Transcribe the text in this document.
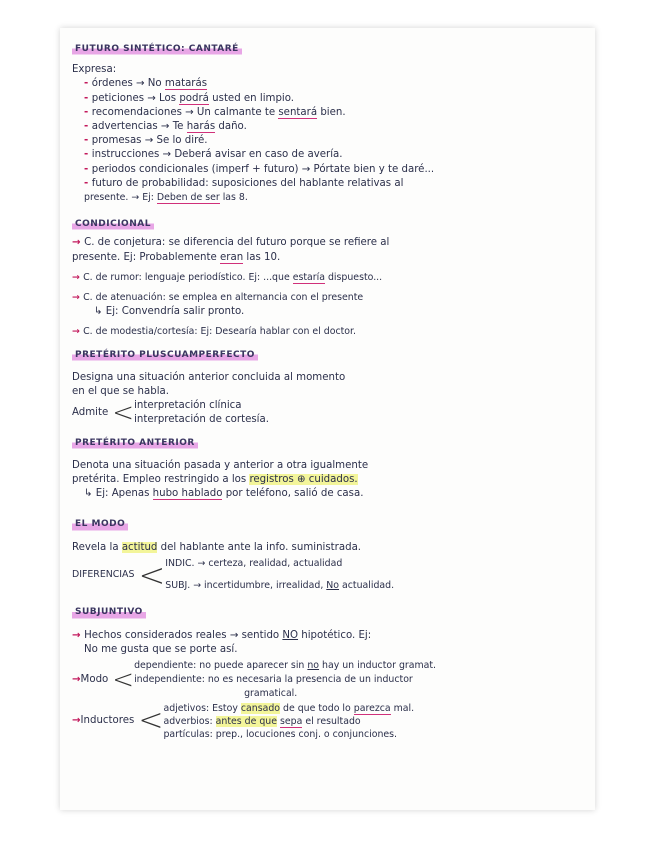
FUTURO SINTÉTICO: CANTARÉ
Expresa:
- órdenes → No matarás
- peticiones → Los podrá usted en limpio.
- recomendaciones → Un calmante te sentará bien.
- advertencias → Te harás daño.
- promesas → Se lo diré.
- instrucciones → Deberá avisar en caso de avería.
- periodos condicionales (imperf + futuro) → Pórtate bien y te daré...
- futuro de probabilidad: suposiciones del hablante relativas al
presente. → Ej: Deben de ser las 8.
CONDICIONAL
→ C. de conjetura: se diferencia del futuro porque se refiere al
presente. Ej: Probablemente eran las 10.
→ C. de rumor: lenguaje periodístico. Ej: ...que estaría dispuesto...
→ C. de atenuación: se emplea en alternancia con el presente
↳ Ej: Convendría salir pronto.
→ C. de modestia/cortesía: Ej: Desearía hablar con el doctor.
PRETÉRITO PLUSCUAMPERFECTO
Designa una situación anterior concluida al momento
en el que se habla.
Admite < interpretación clínica
interpretación de cortesía.
PRETÉRITO ANTERIOR
Denota una situación pasada y anterior a otra igualmente
pretérita. Empleo restringido a los registros ⊕ cuidados.
↳ Ej: Apenas hubo hablado por teléfono, salió de casa.
EL MODO
Revela la actitud del hablante ante la info. suministrada.
DIFERENCIAS < INDIC. → certeza, realidad, actualidad
SUBJ. → incertidumbre, irrealidad, No actualidad.
SUBJUNTIVO
→ Hechos considerados reales → sentido NO hipotético. Ej:
No me gusta que se porte así.
→Modo < dependiente: no puede aparecer sin no hay un inductor gramat.
independiente: no es necesaria la presencia de un inductor
gramatical.
→Inductores < adjetivos: Estoy cansado de que todo lo parezca mal.
adverbios: antes de que sepa el resultado
partículas: prep., locuciones conj. o conjunciones.
